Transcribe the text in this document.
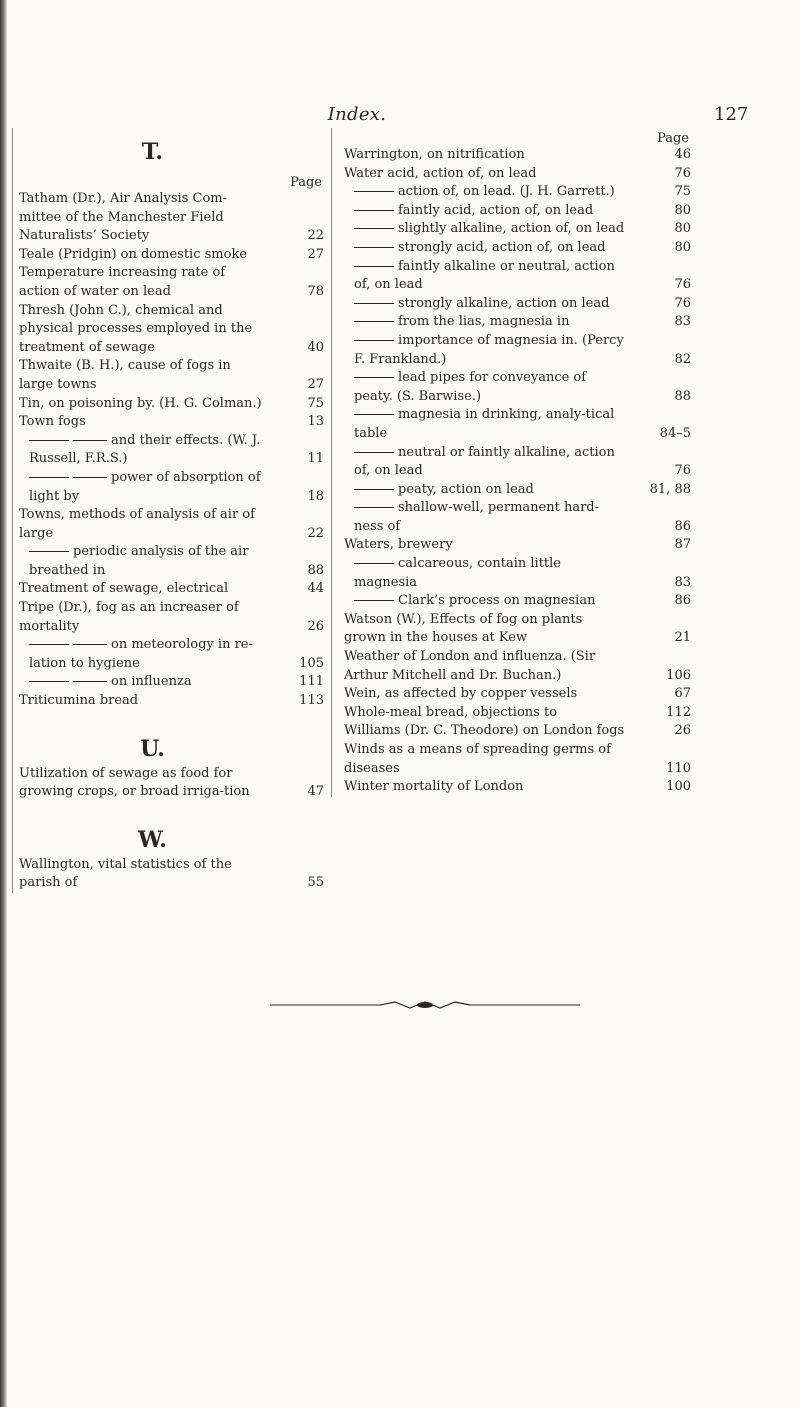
Index.	127
T.
Page
Tatham (Dr.), Air Analysis Com-mittee of the Manchester Field Naturalists’ Society	22
Teale (Pridgin) on domestic smoke	27
Temperature increasing rate of action of water on lead	78
Thresh (John C.), chemical and physical processes employed in the treatment of sewage	40
Thwaite (B. H.), cause of fogs in large towns	27
Tin, on poisoning by. (H. G. Colman.)	75
Town fogs	13
and their effects. (W. J. Russell, F.R.S.)	11
power of absorption of light by	18
Towns, methods of analysis of air of large	22
periodic analysis of the air breathed in	88
Treatment of sewage, electrical	44
Tripe (Dr.), fog as an increaser of mortality	26
on meteorology in re-lation to hygiene	105
on influenza	111
Triticumina bread	113
U.
Utilization of sewage as food for growing crops, or broad irriga-tion	47
W.
Wallington, vital statistics of the parish of	55
Page
Warrington, on nitrification	46
Water acid, action of, on lead	76
action of, on lead. (J. H. Garrett.)	75
faintly acid, action of, on lead	80
slightly alkaline, action of, on lead	80
strongly acid, action of, on lead	80
faintly alkaline or neutral, action of, on lead	76
strongly alkaline, action on lead	76
from the lias, magnesia in	83
importance of magnesia in. (Percy F. Frankland.)	82
lead pipes for conveyance of peaty. (S. Barwise.)	88
magnesia in drinking, analy-tical table	84–5
neutral or faintly alkaline, action of, on lead	76
peaty, action on lead	81, 88
shallow-well, permanent hard-ness of	86
Waters, brewery	87
calcareous, contain little magnesia	83
Clark’s process on magnesian	86
Watson (W.), Effects of fog on plants grown in the houses at Kew	21
Weather of London and influenza. (Sir Arthur Mitchell and Dr. Buchan.)	106
Wein, as affected by copper vessels	67
Whole-meal bread, objections to	112
Williams (Dr. C. Theodore) on London fogs	26
Winds as a means of spreading germs of diseases	110
Winter mortality of London	100
